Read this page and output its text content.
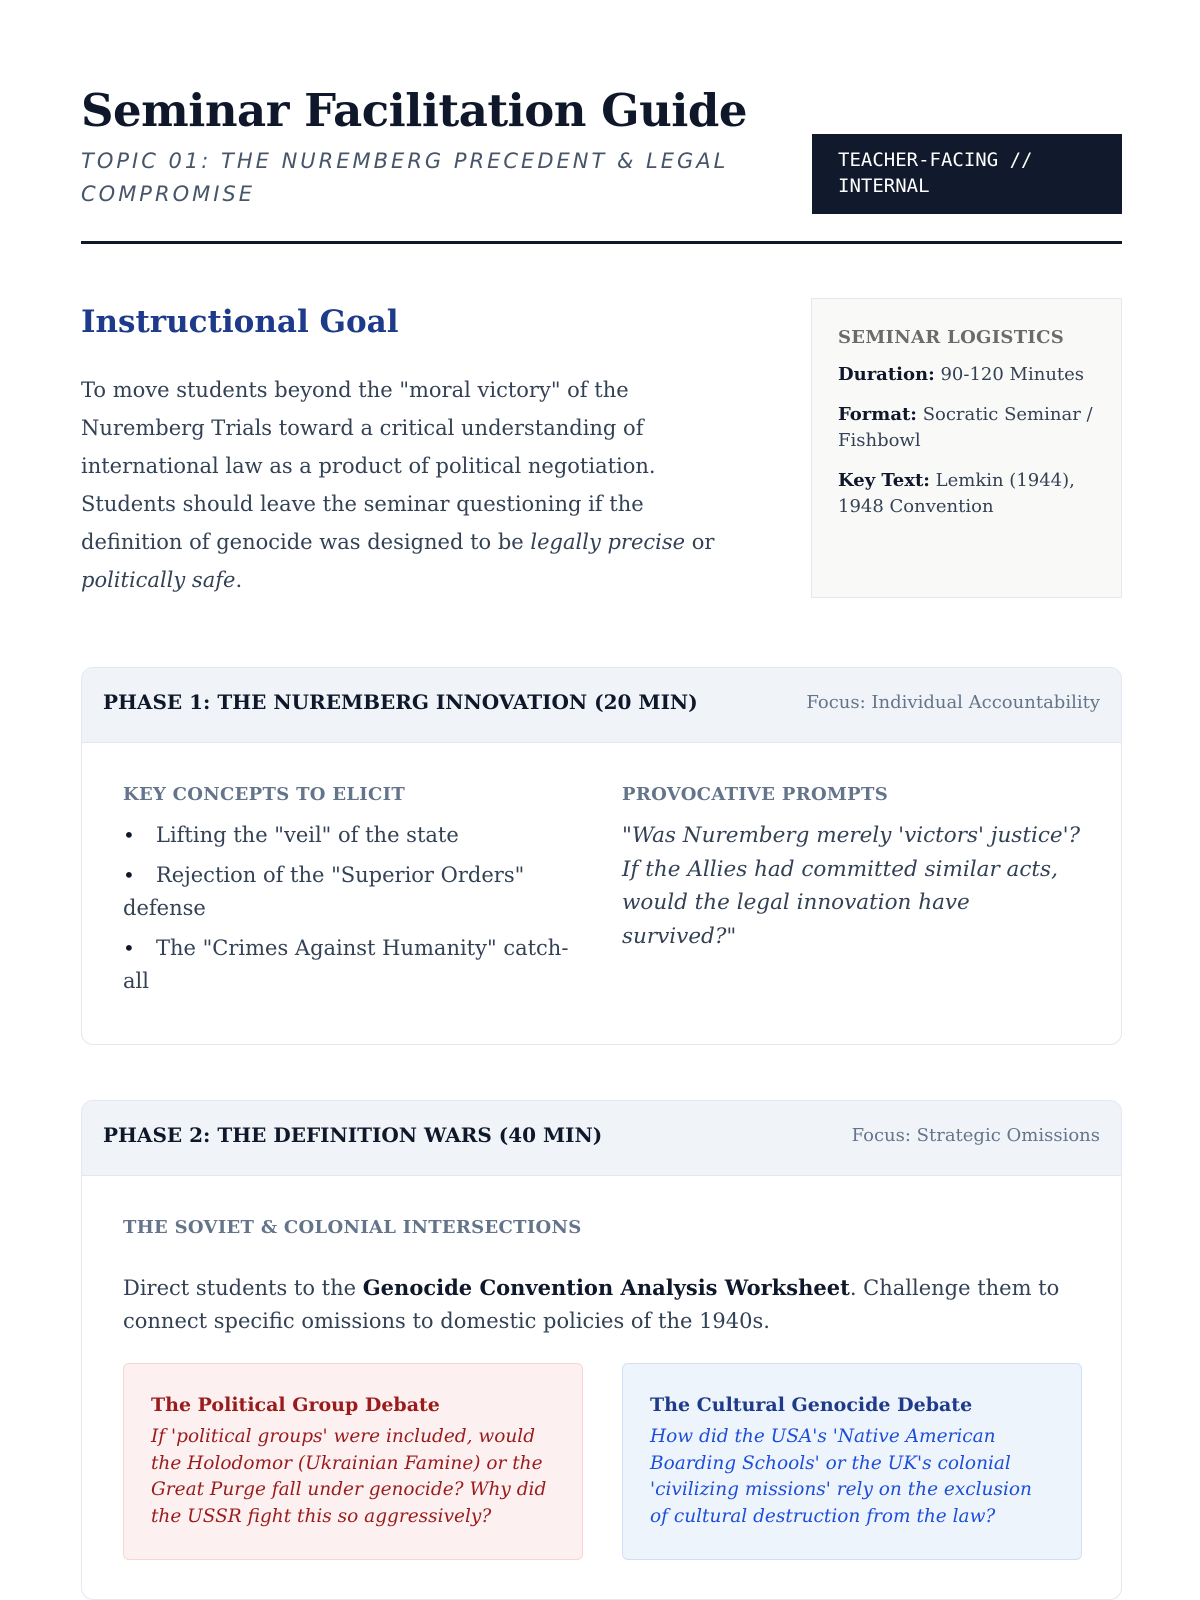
Seminar Facilitation Guide
TOPIC 01: THE NUREMBERG PRECEDENT & LEGAL COMPROMISE
TEACHER-FACING // INTERNAL
Instructional Goal

To move students beyond the "moral victory" of the Nuremberg Trials toward a critical understanding of international law as a product of political negotiation. Students should leave the seminar questioning if the definition of genocide was designed to be legally precise or politically safe.

SEMINAR LOGISTICS
Duration: 90-120 Minutes
Format: Socratic Seminar / Fishbowl
Key Text: Lemkin (1944), 1948 Convention
PHASE 1: THE NUREMBERG INNOVATION (20 MIN)	Focus: Individual Accountability
KEY CONCEPTS TO ELICIT
• Lifting the "veil" of the state
• Rejection of the "Superior Orders" defense
• The "Crimes Against Humanity" catch-all
PROVOCATIVE PROMPTS

"Was Nuremberg merely 'victors' justice'? If the Allies had committed similar acts, would the legal innovation have survived?"

PHASE 2: THE DEFINITION WARS (40 MIN)	Focus: Strategic Omissions
THE SOVIET & COLONIAL INTERSECTIONS

Direct students to the Genocide Convention Analysis Worksheet. Challenge them to connect specific omissions to domestic policies of the 1940s.

The Political Group Debate
If 'political groups' were included, would the Holodomor (Ukrainian Famine) or the Great Purge fall under genocide? Why did the USSR fight this so aggressively?
The Cultural Genocide Debate
How did the USA's 'Native American Boarding Schools' or the UK's colonial 'civilizing missions' rely on the exclusion of cultural destruction from the law?
